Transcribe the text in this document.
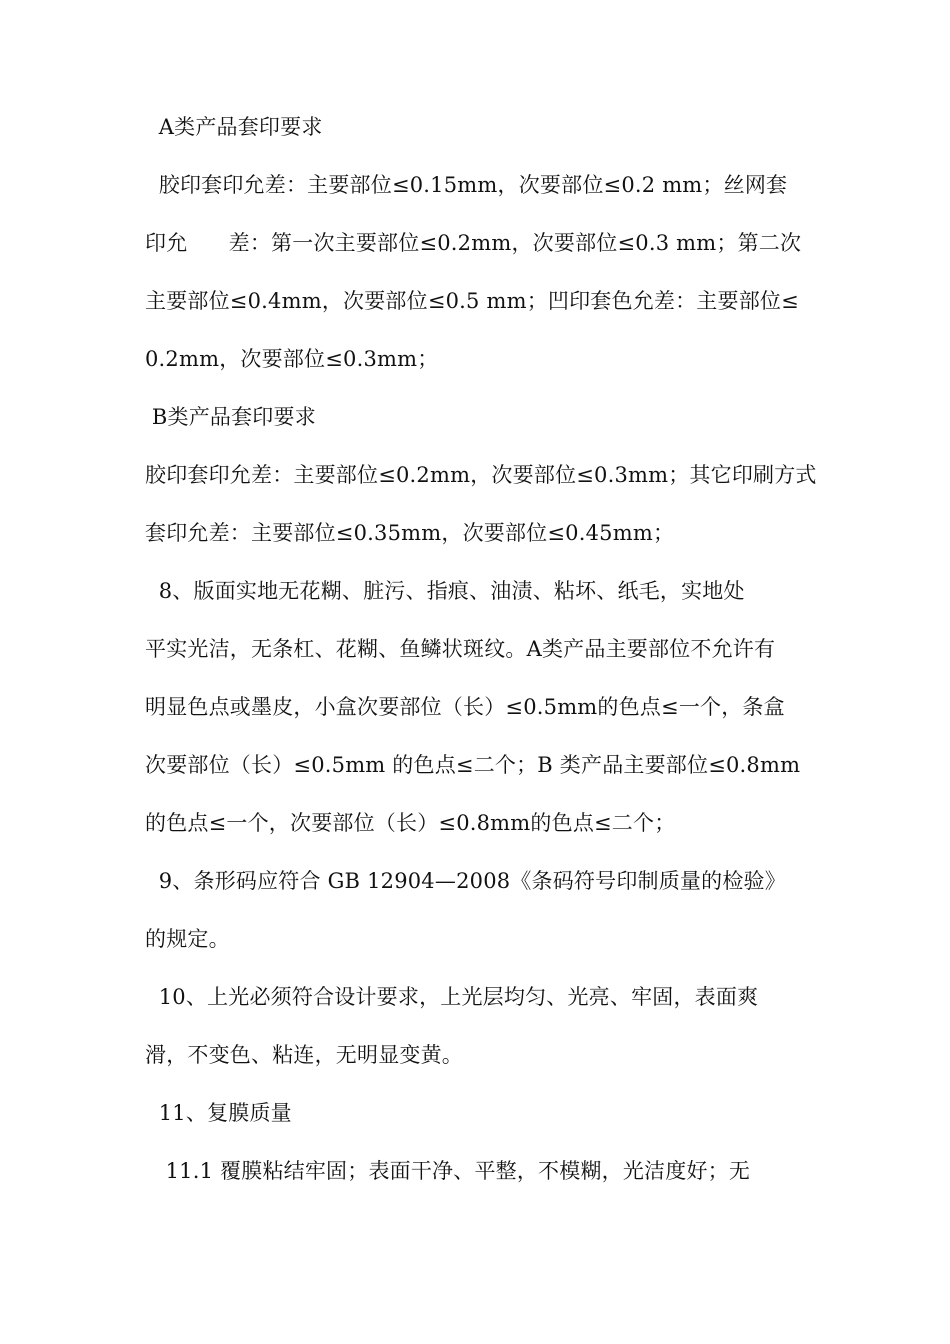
A类产品套印要求
胶印套印允差：主要部位≤0.15mm，次要部位≤0.2 mm；丝网套
印允      差：第一次主要部位≤0.2mm，次要部位≤0.3 mm；第二次
主要部位≤0.4mm，次要部位≤0.5 mm；凹印套色允差：主要部位≤
0.2mm，次要部位≤0.3mm；
B类产品套印要求
胶印套印允差：主要部位≤0.2mm，次要部位≤0.3mm；其它印刷方式
套印允差：主要部位≤0.35mm，次要部位≤0.45mm；
8、版面实地无花糊、脏污、指痕、油渍、粘坏、纸毛，实地处
平实光洁，无条杠、花糊、鱼鳞状斑纹。A类产品主要部位不允许有
明显色点或墨皮，小盒次要部位（长）≤0.5mm的色点≤一个，条盒
次要部位（长）≤0.5mm 的色点≤二个；B 类产品主要部位≤0.8mm
的色点≤一个，次要部位（长）≤0.8mm的色点≤二个；
9、条形码应符合 GB 12904—2008《条码符号印制质量的检验》
的规定。
10、上光必须符合设计要求，上光层均匀、光亮、牢固，表面爽
滑，不变色、粘连，无明显变黄。
11、复膜质量
11.1 覆膜粘结牢固；表面干净、平整，不模糊，光洁度好；无
